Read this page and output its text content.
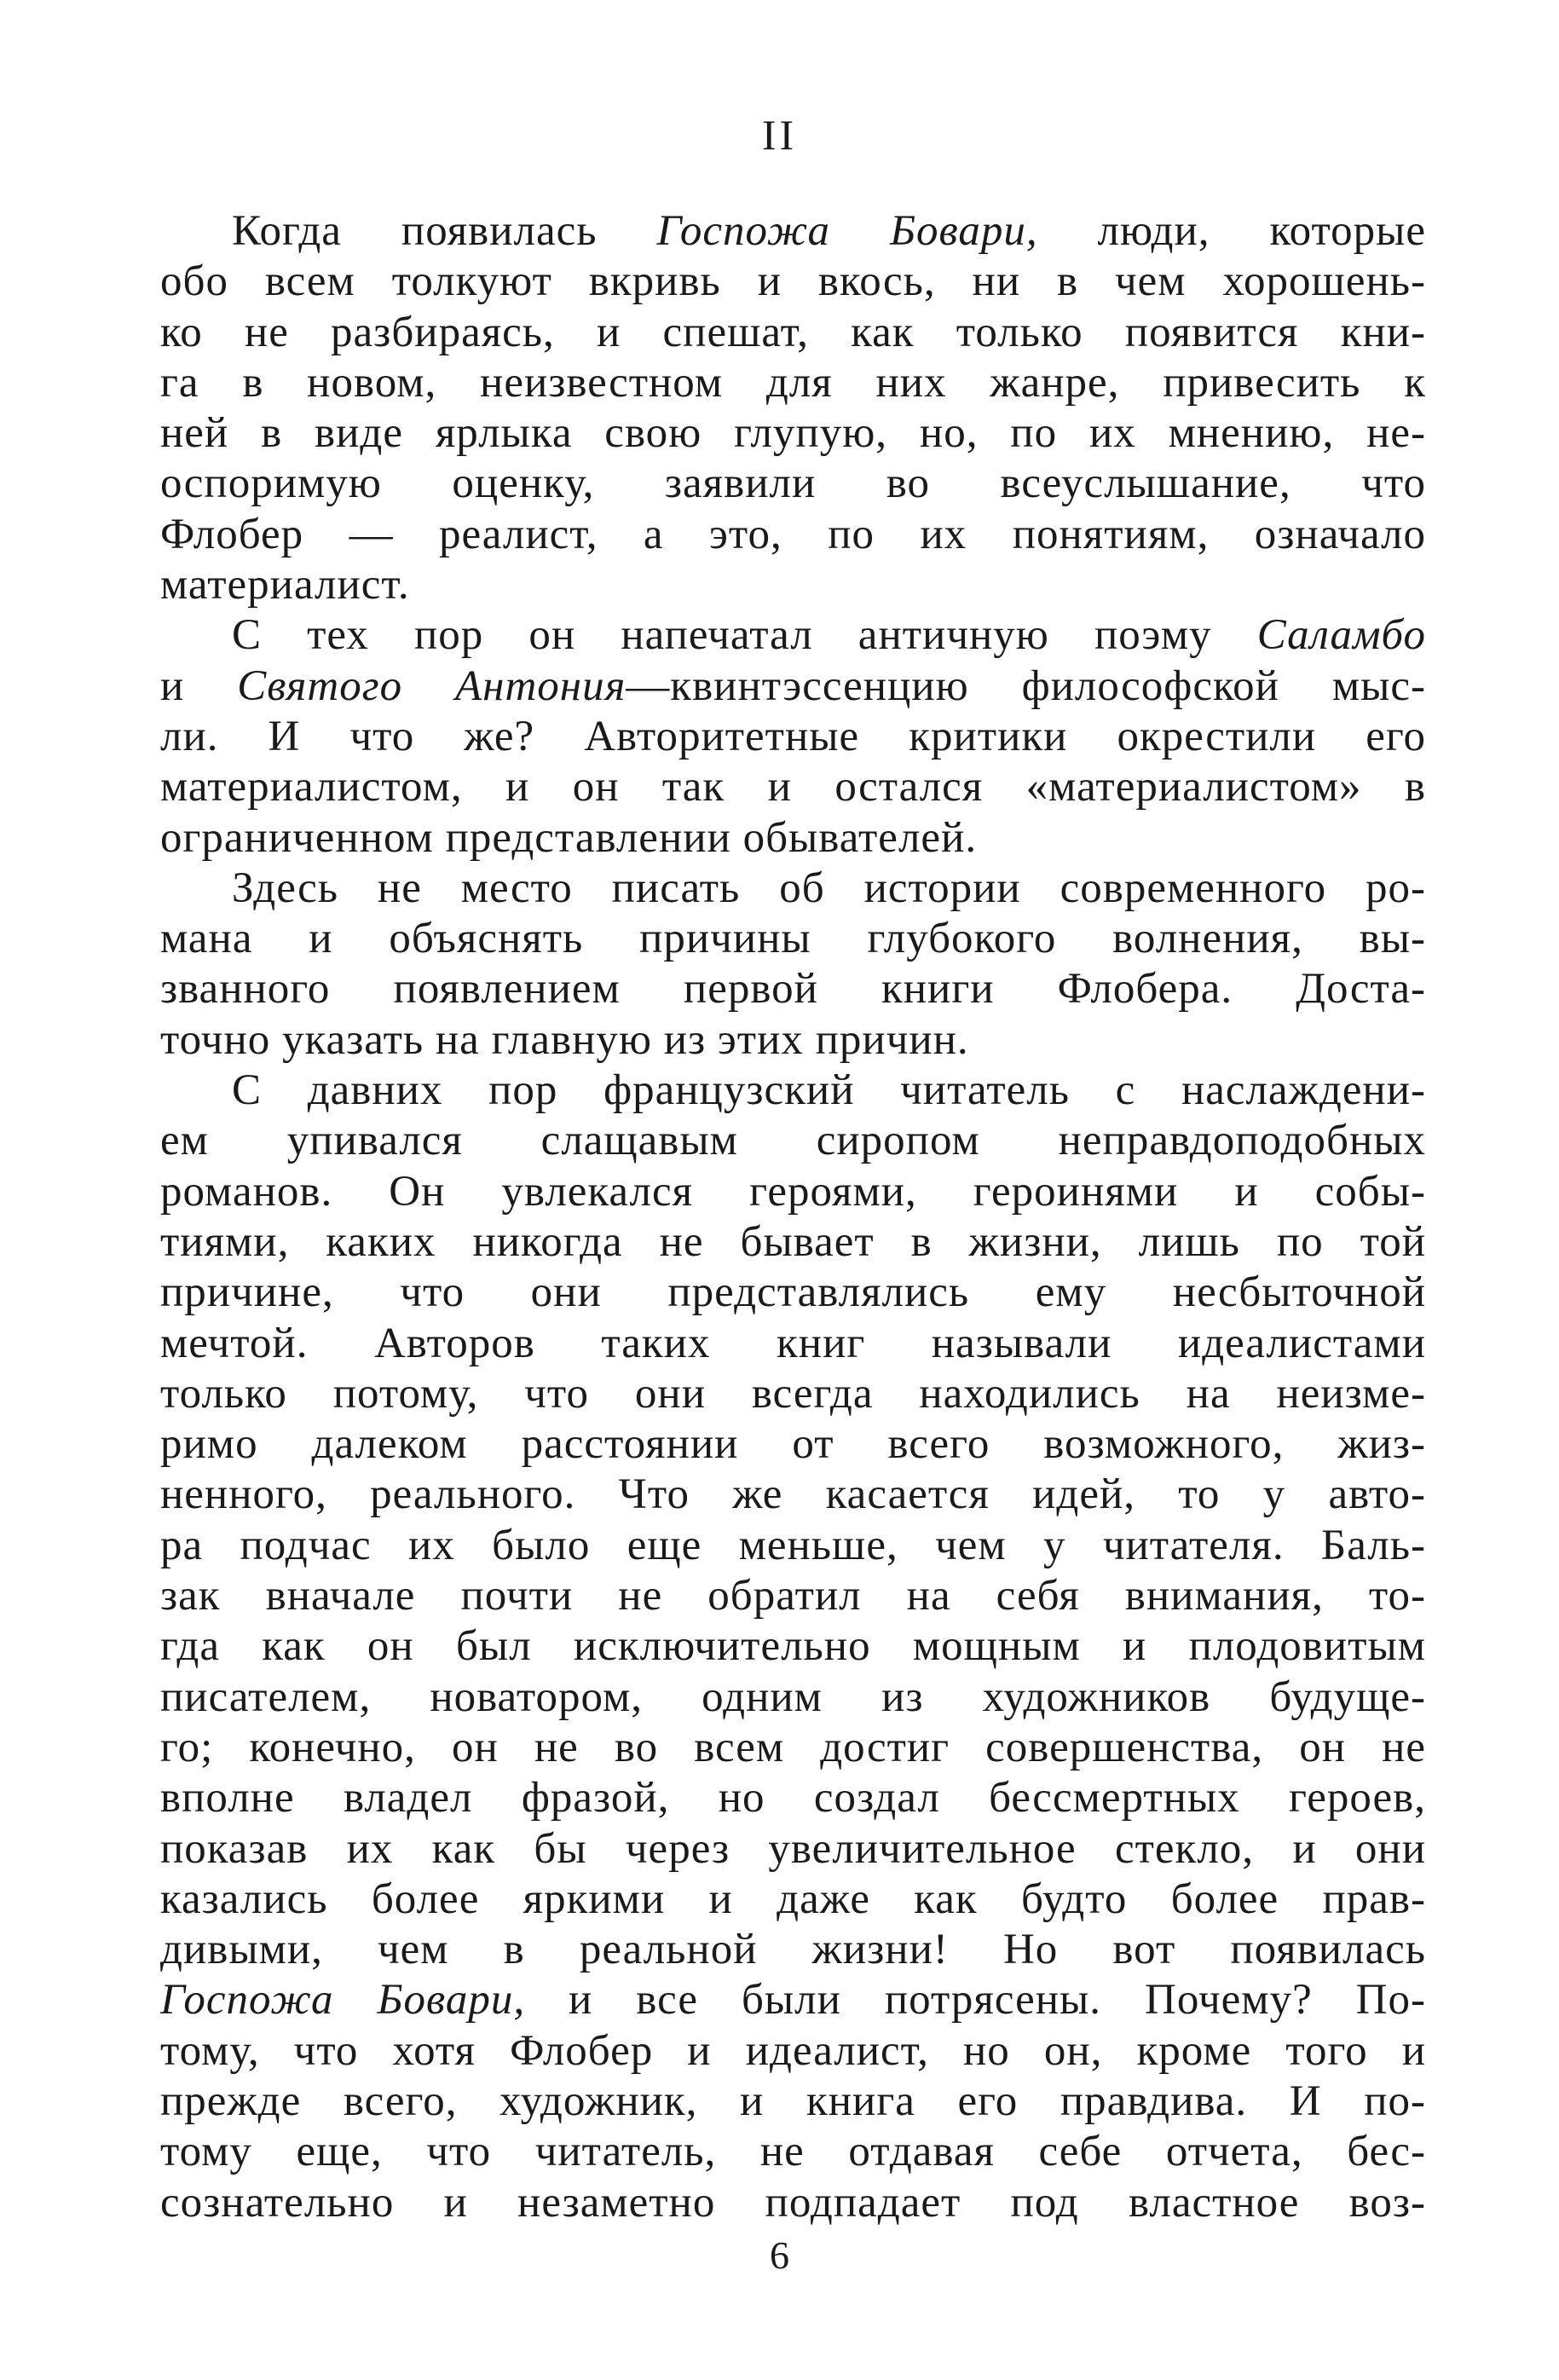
II
Когда появилась Госпожа Бовари, люди, которые
обо всем толкуют вкривь и вкось, ни в чем хорошень-
ко не разбираясь, и спешат, как только появится кни-
га в новом, неизвестном для них жанре, привесить к
ней в виде ярлыка свою глупую, но, по их мнению, не-
оспоримую оценку, заявили во всеуслышание, что
Флобер — реалист, а это, по их понятиям, означало
материалист.
С тех пор он напечатал античную поэму Саламбо
и Святого Антония—квинтэссенцию философской мыс-
ли. И что же? Авторитетные критики окрестили его
материалистом, и он так и остался «материалистом» в
ограниченном представлении обывателей.
Здесь не место писать об истории современного ро-
мана и объяснять причины глубокого волнения, вы-
званного появлением первой книги Флобера. Доста-
точно указать на главную из этих причин.
С давних пор французский читатель с наслаждени-
ем упивался слащавым сиропом неправдоподобных
романов. Он увлекался героями, героинями и собы-
тиями, каких никогда не бывает в жизни, лишь по той
причине, что они представлялись ему несбыточной
мечтой. Авторов таких книг называли идеалистами
только потому, что они всегда находились на неизме-
римо далеком расстоянии от всего возможного, жиз-
ненного, реального. Что же касается идей, то у авто-
ра подчас их было еще меньше, чем у читателя. Баль-
зак вначале почти не обратил на себя внимания, то-
гда как он был исключительно мощным и плодовитым
писателем, новатором, одним из художников будуще-
го; конечно, он не во всем достиг совершенства, он не
вполне владел фразой, но создал бессмертных героев,
показав их как бы через увеличительное стекло, и они
казались более яркими и даже как будто более прав-
дивыми, чем в реальной жизни! Но вот появилась
Госпожа Бовари, и все были потрясены. Почему? По-
тому, что хотя Флобер и идеалист, но он, кроме того и
прежде всего, художник, и книга его правдива. И по-
тому еще, что читатель, не отдавая себе отчета, бес-
сознательно и незаметно подпадает под властное воз-
6
